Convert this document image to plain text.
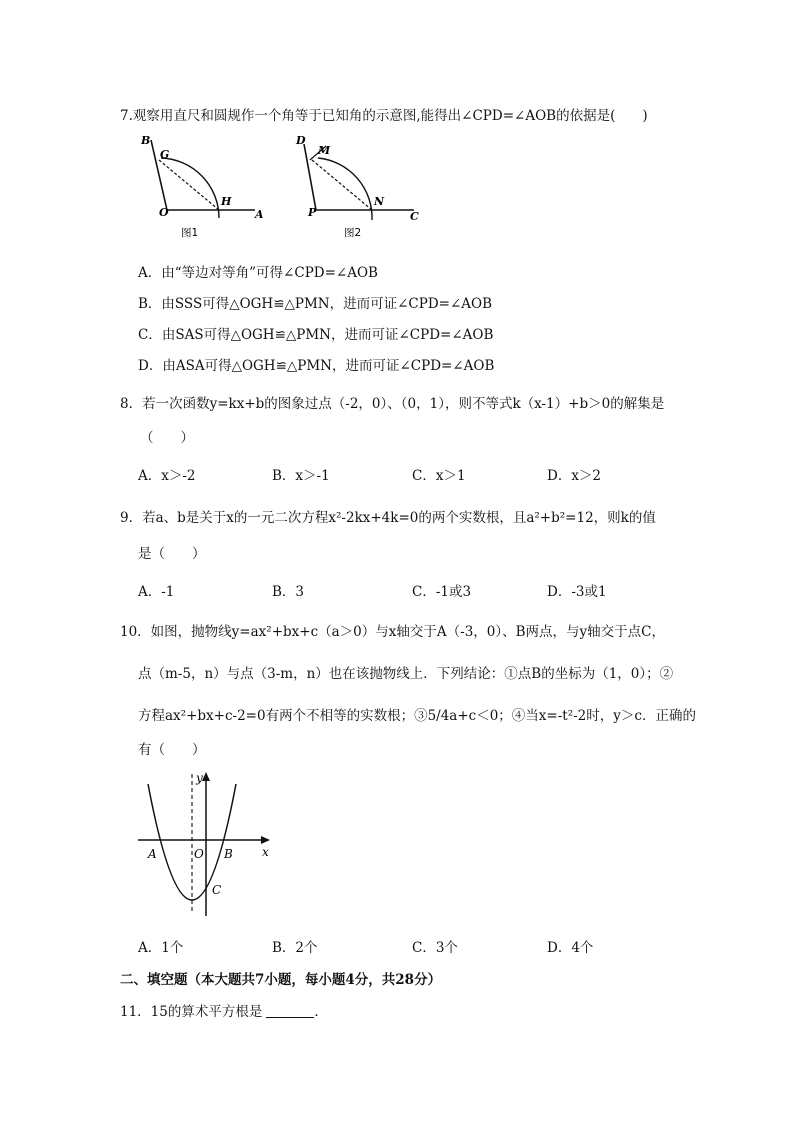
7.观察用直尺和圆规作一个角等于已知角的示意图,能得出∠CPD=∠AOB的依据是(　　)
B
G
O
H
A
图1
D
M
P
N
C
图2
A．由“等边对等角”可得∠CPD=∠AOB
B．由SSS可得△OGH≌△PMN，进而可证∠CPD=∠AOB
C．由SAS可得△OGH≌△PMN，进而可证∠CPD=∠AOB
D．由ASA可得△OGH≌△PMN，进而可证∠CPD=∠AOB
8．若一次函数y=kx+b的图象过点（-2，0）、（0，1），则不等式k（x-1）+b＞0的解集是
（　　）
A．x＞-2	B．x＞-1	C．x＞1	D．x＞2
9．若a、b是关于x的一元二次方程x²-2kx+4k=0的两个实数根，且a²+b²=12，则k的值
是（　　）
A．-1	B．3	C．-1或3	D．-3或1
10．如图，抛物线y=ax²+bx+c（a＞0）与x轴交于A（-3，0）、B两点，与y轴交于点C，
点（m-5，n）与点（3-m，n）也在该抛物线上．下列结论：①点B的坐标为（1，0）；②
方程ax²+bx+c-2=0有两个不相等的实数根；③5/4a+c＜0；④当x=-t²-2时，y＞c．正确的
有（　　）
y
x
A	O B
C
A．1个	B．2个	C．3个	D．4个
二、填空题（本大题共7小题，每小题4分，共28分）
11．15的算术平方根是	．
